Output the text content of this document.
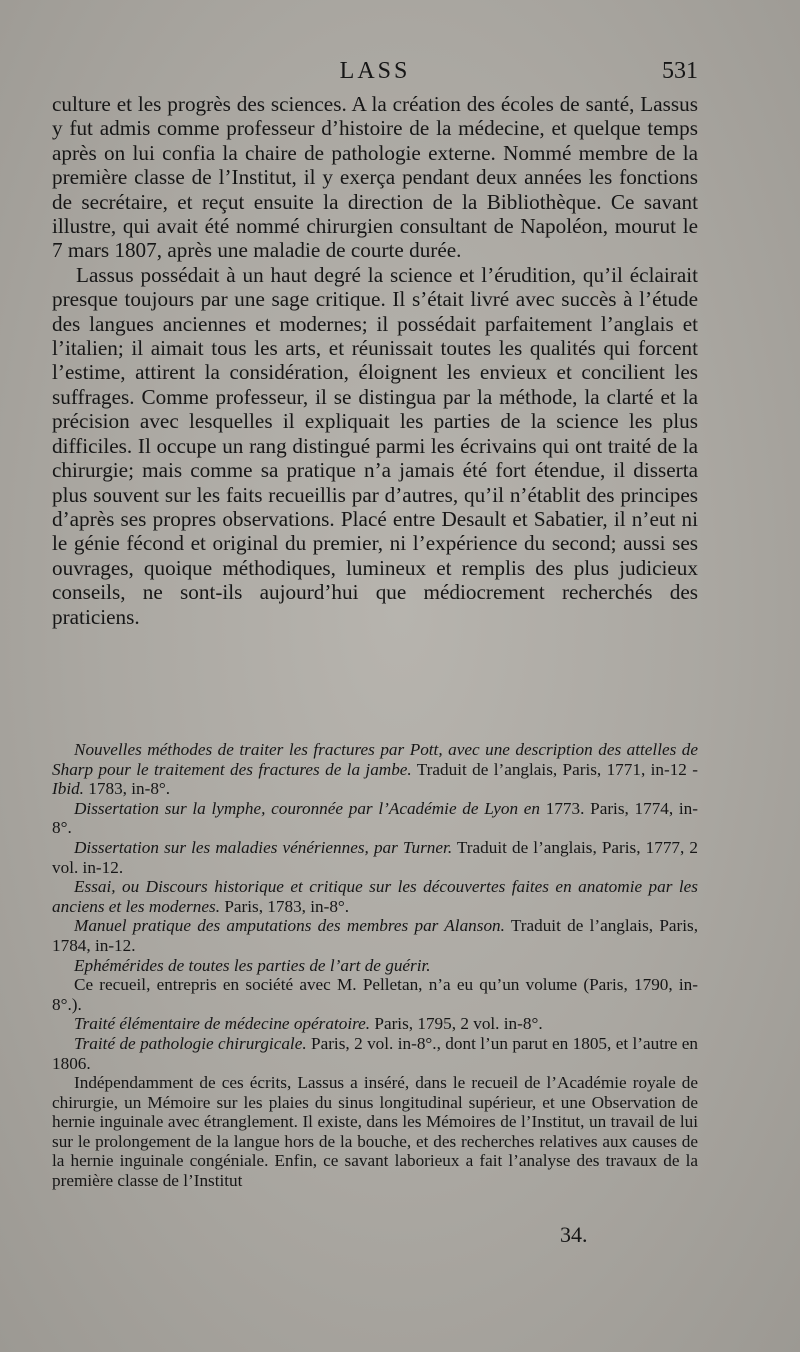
LASS	531

culture et les progrès des sciences. A la création des écoles de santé, Lassus y fut admis comme professeur d’histoire de la médecine, et quelque temps après on lui confia la chaire de pathologie externe. Nommé membre de la première classe de l’Institut, il y exerça pendant deux années les fonctions de secrétaire, et reçut ensuite la direction de la Bibliothèque. Ce savant illustre, qui avait été nommé chirurgien consultant de Napoléon, mourut le 7 mars 1807, après une maladie de courte durée.

Lassus possédait à un haut degré la science et l’érudition, qu’il éclairait presque toujours par une sage critique. Il s’était livré avec succès à l’étude des langues anciennes et modernes; il possédait parfaitement l’anglais et l’italien; il aimait tous les arts, et réunissait toutes les qualités qui forcent l’estime, attirent la considération, éloignent les envieux et concilient les suffrages. Comme professeur, il se distingua par la méthode, la clarté et la précision avec lesquelles il expliquait les parties de la science les plus difficiles. Il occupe un rang distingué parmi les écrivains qui ont traité de la chirurgie; mais comme sa pratique n’a jamais été fort étendue, il disserta plus souvent sur les faits recueillis par d’autres, qu’il n’établit des principes d’après ses propres observations. Placé entre Desault et Sabatier, il n’eut ni le génie fécond et original du premier, ni l’expérience du second; aussi ses ouvrages, quoique méthodiques, lumineux et remplis des plus judicieux conseils, ne sont-ils aujourd’hui que médiocrement recherchés des praticiens.

Nouvelles méthodes de traiter les fractures par Pott, avec une description des attelles de Sharp pour le traitement des fractures de la jambe. Traduit de l’anglais, Paris, 1771, in-12 - Ibid. 1783, in-8°.

Dissertation sur la lymphe, couronnée par l’Académie de Lyon en 1773. Paris, 1774, in-8°.

Dissertation sur les maladies vénériennes, par Turner. Traduit de l’anglais, Paris, 1777, 2 vol. in-12.

Essai, ou Discours historique et critique sur les découvertes faites en anatomie par les anciens et les modernes. Paris, 1783, in-8°.

Manuel pratique des amputations des membres par Alanson. Traduit de l’anglais, Paris, 1784, in-12.

Ephémérides de toutes les parties de l’art de guérir.

Ce recueil, entrepris en société avec M. Pelletan, n’a eu qu’un volume (Paris, 1790, in-8°.).

Traité élémentaire de médecine opératoire. Paris, 1795, 2 vol. in-8°.

Traité de pathologie chirurgicale. Paris, 2 vol. in-8°., dont l’un parut en 1805, et l’autre en 1806.

Indépendamment de ces écrits, Lassus a inséré, dans le recueil de l’Académie royale de chirurgie, un Mémoire sur les plaies du sinus longitudinal supérieur, et une Observation de hernie inguinale avec étranglement. Il existe, dans les Mémoires de l’Institut, un travail de lui sur le prolongement de la langue hors de la bouche, et des recherches relatives aux causes de la hernie inguinale congéniale. Enfin, ce savant laborieux a fait l’analyse des travaux de la première classe de l’Institut

34.
